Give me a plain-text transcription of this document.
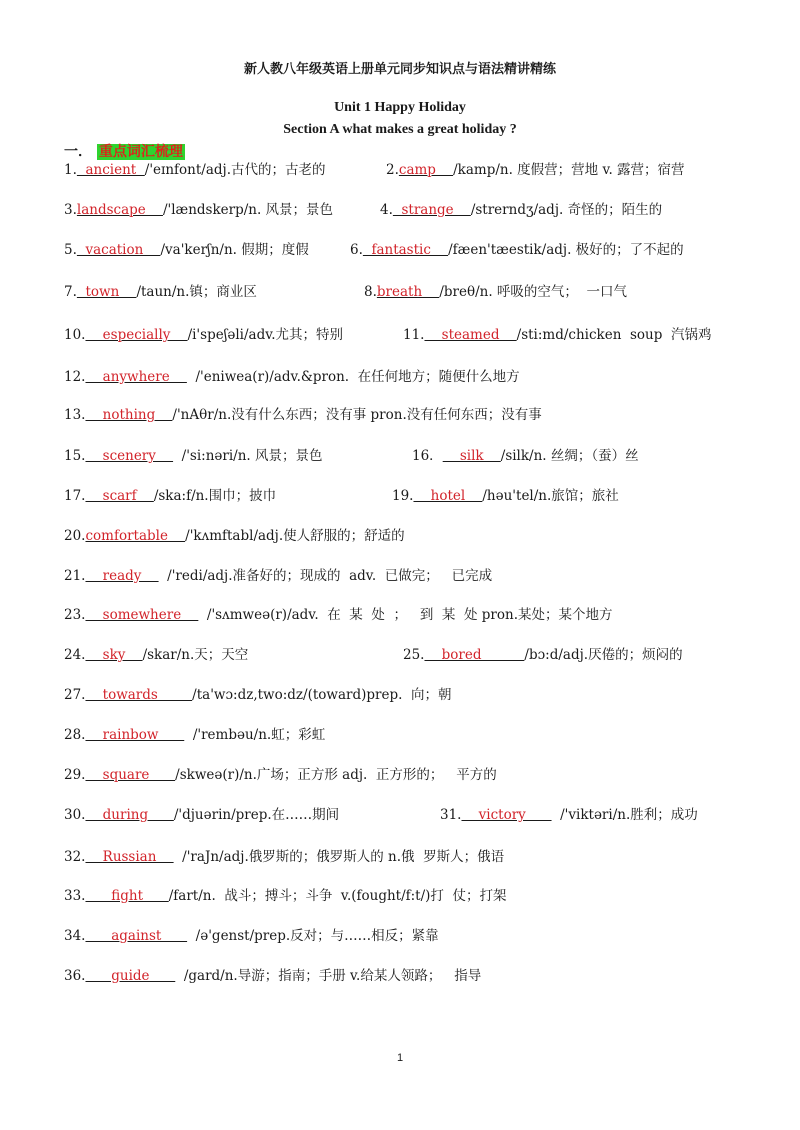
新人教八年级英语上册单元同步知识点与语法精讲精练
Unit 1 Happy Holiday
Section A what makes a great holiday ?
一． 重点词汇梳理
1.  ancient  /'eɪnfont/adj.古代的；古老的	2.camp    /kamp/n. 度假营；营地 v. 露营；宿营
3.landscape    /'lændskerp/n. 风景；景色	4.  strange    /strerndʒ/adj. 奇怪的；陌生的
5.  vacation    /va'kerʃn/n. 假期；度假	6.  fantastic    /fæen'tæestik/adj. 极好的；了不起的
7.  town    /taun/n.镇；商业区	8.breath    /breθ/n. 呼吸的空气；  一口气
10.    especially    /i'speʃəli/adv.尤其；特别	11.    steamed    /sti:md/chicken  soup  汽锅鸡
12.    anywhere      /'eniwea(r)/adv.&pron.  在任何地方；随便什么地方
13.    nothing    /'nAθr/n.没有什么东西；没有事 pron.没有任何东西；没有事
15.    scenery      /'si:nəri/n. 风景；景色	16．    silk    /silk/n. 丝绸；（蚕）丝
17.    scarf    /ska:f/n.围巾；披巾	19.    hotel    /həu'tel/n.旅馆；旅社
20.comfortable    /'kʌmftabl/adj.使人舒服的；舒适的
21.    ready      /'redi/adj.准备好的；现成的  adv.  已做完；   已完成
23.    somewhere      /'sʌmweə(r)/adv.  在  某  处  ；   到  某  处 pron.某处；某个地方
24.    sky    /skar/n.天；天空	25.    bored          /bɔ:d/adj.厌倦的；烦闷的
27.    towards        /ta'wɔ:dz,two:dz/(toward)prep.  向；朝
28.    rainbow        /'rembəu/n.虹；彩虹
29.    square      /skweə(r)/n.广场；正方形 adj.  正方形的；   平方的
30.    during      /'djuərin/prep.在……期间	31.    victory        /'viktəri/n.胜利；成功
32.    Russian      /'raJn/adj.俄罗斯的；俄罗斯人的 n.俄  罗斯人；俄语
33.      fight      /fart/n.  战斗；搏斗；斗争  v.(fought/f:t/)打  仗；打架
34.      against        /ə'genst/prep.反对；与……相反；紧靠
36.      guide        /gard/n.导游；指南；手册 v.给某人领路；   指导
1
